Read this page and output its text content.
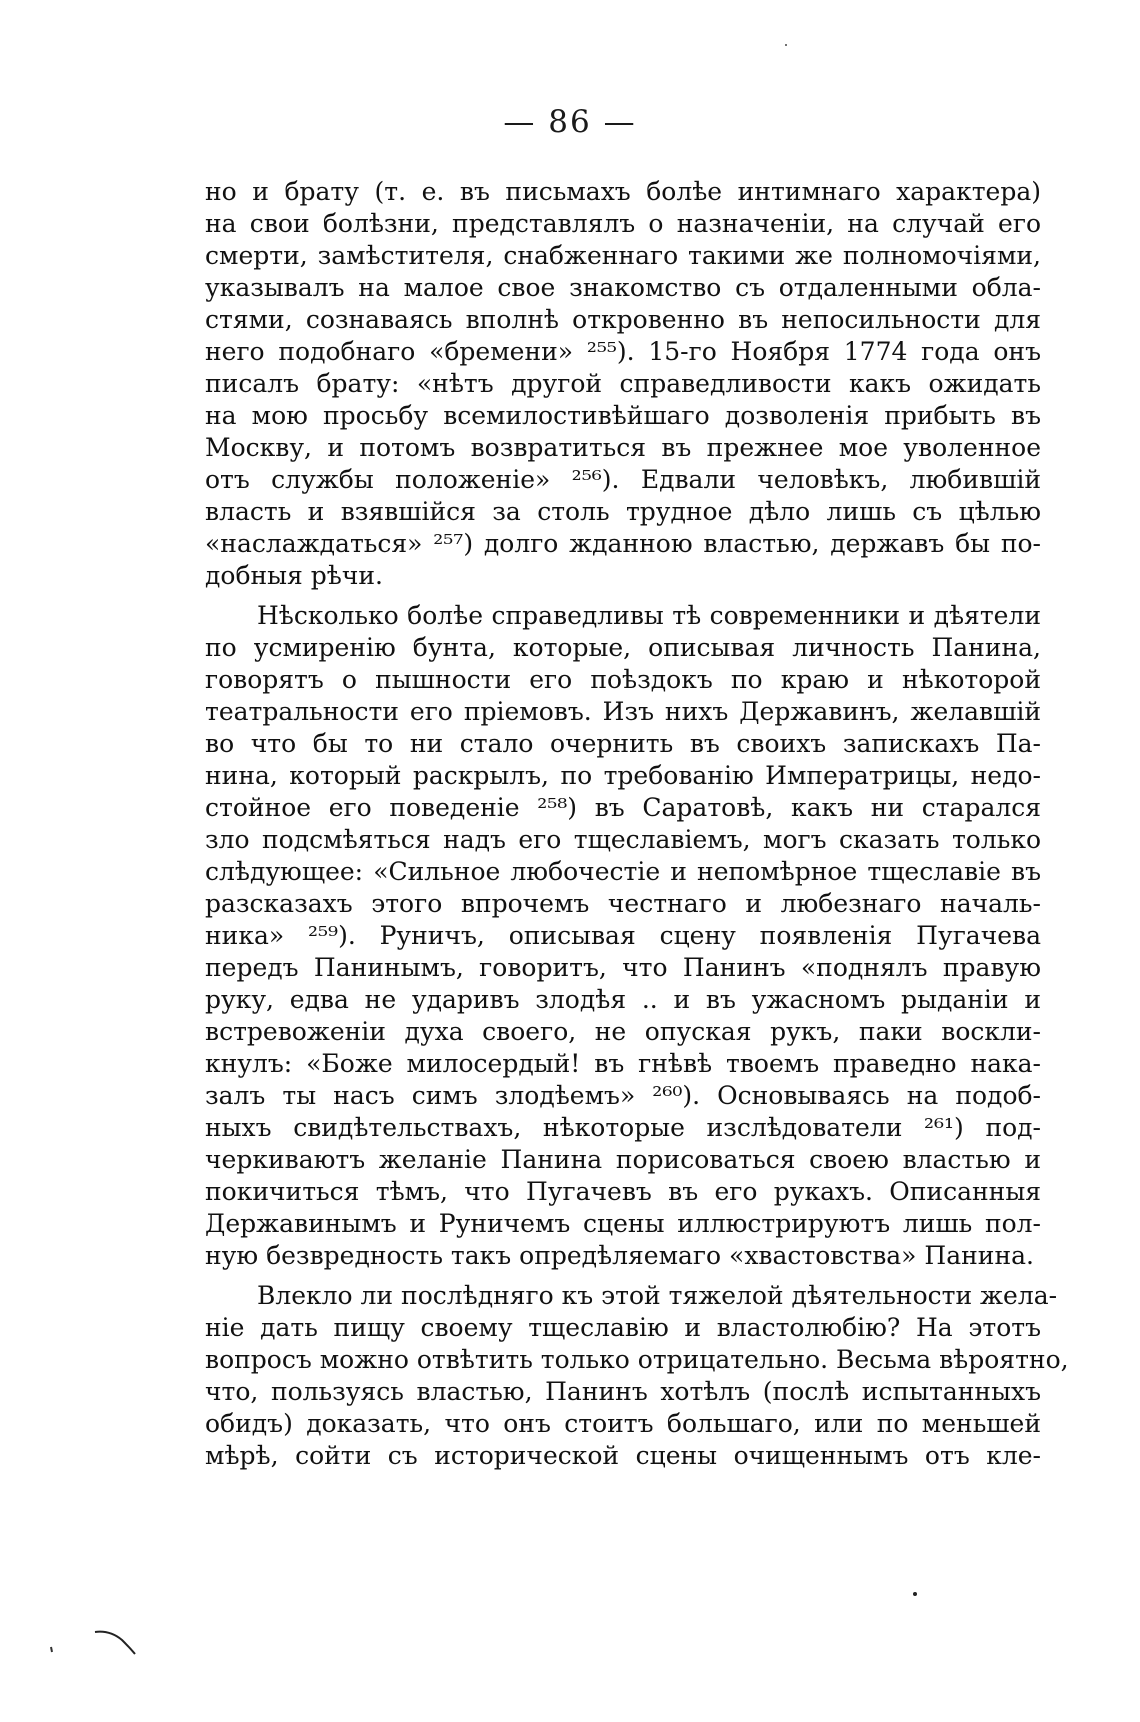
— 86 —
но и брату (т. е. въ письмахъ болѣе интимнаго характера)
на свои болѣзни, представлялъ о назначеніи, на случай его
смерти, замѣстителя, снабженнаго такими же полномочіями,
указывалъ на малое свое знакомство съ отдаленными обла-
стями, сознаваясь вполнѣ откровенно въ непосильности для
него подобнаго «бремени» ²⁵⁵). 15-го Ноября 1774 года онъ
писалъ брату: «нѣтъ другой справедливости какъ ожидать
на мою просьбу всемилостивѣйшаго дозволенія прибыть въ
Москву, и потомъ возвратиться въ прежнее мое уволенное
отъ службы положеніе» ²⁵⁶). Едвали человѣкъ, любившій
власть и взявшійся за столь трудное дѣло лишь съ цѣлью
«наслаждаться» ²⁵⁷) долго жданною властью, державъ бы по-
добныя рѣчи.
Нѣсколько болѣе справедливы тѣ современники и дѣятели
по усмиренію бунта, которые, описывая личность Панина,
говорятъ о пышности его поѣздокъ по краю и нѣкоторой
театральности его пріемовъ. Изъ нихъ Державинъ, желавшій
во что бы то ни стало очернить въ своихъ запискахъ Па-
нина, который раскрылъ, по требованію Императрицы, недо-
стойное его поведеніе ²⁵⁸) въ Саратовѣ, какъ ни старался
зло подсмѣяться надъ его тщеславіемъ, могъ сказать только
слѣдующее: «Сильное любочестіе и непомѣрное тщеславіе въ
разсказахъ этого впрочемъ честнаго и любезнаго началь-
ника» ²⁵⁹). Руничъ, описывая сцену появленія Пугачева
передъ Панинымъ, говоритъ, что Панинъ «поднялъ правую
руку, едва не ударивъ злодѣя .. и въ ужасномъ рыданіи и
встревоженіи духа своего, не опуская рукъ, паки воскли-
кнулъ: «Боже милосердый! въ гнѣвѣ твоемъ праведно нака-
залъ ты насъ симъ злодѣемъ» ²⁶⁰). Основываясь на подоб-
ныхъ свидѣтельствахъ, нѣкоторые изслѣдователи ²⁶¹) под-
черкиваютъ желаніе Панина порисоваться своею властью и
покичиться тѣмъ, что Пугачевъ въ его рукахъ. Описанныя
Державинымъ и Руничемъ сцены иллюстрируютъ лишь пол-
ную безвредность такъ опредѣляемаго «хвастовства» Панина.
Влекло ли послѣдняго къ этой тяжелой дѣятельности жела-
ніе дать пищу своему тщеславію и властолюбію? На этотъ
вопросъ можно отвѣтить только отрицательно. Весьма вѣроятно,
что, пользуясь властью, Панинъ хотѣлъ (послѣ испытанныхъ
обидъ) доказать, что онъ стоитъ большаго, или по меньшей
мѣрѣ, сойти съ исторической сцены очищеннымъ отъ кле-
